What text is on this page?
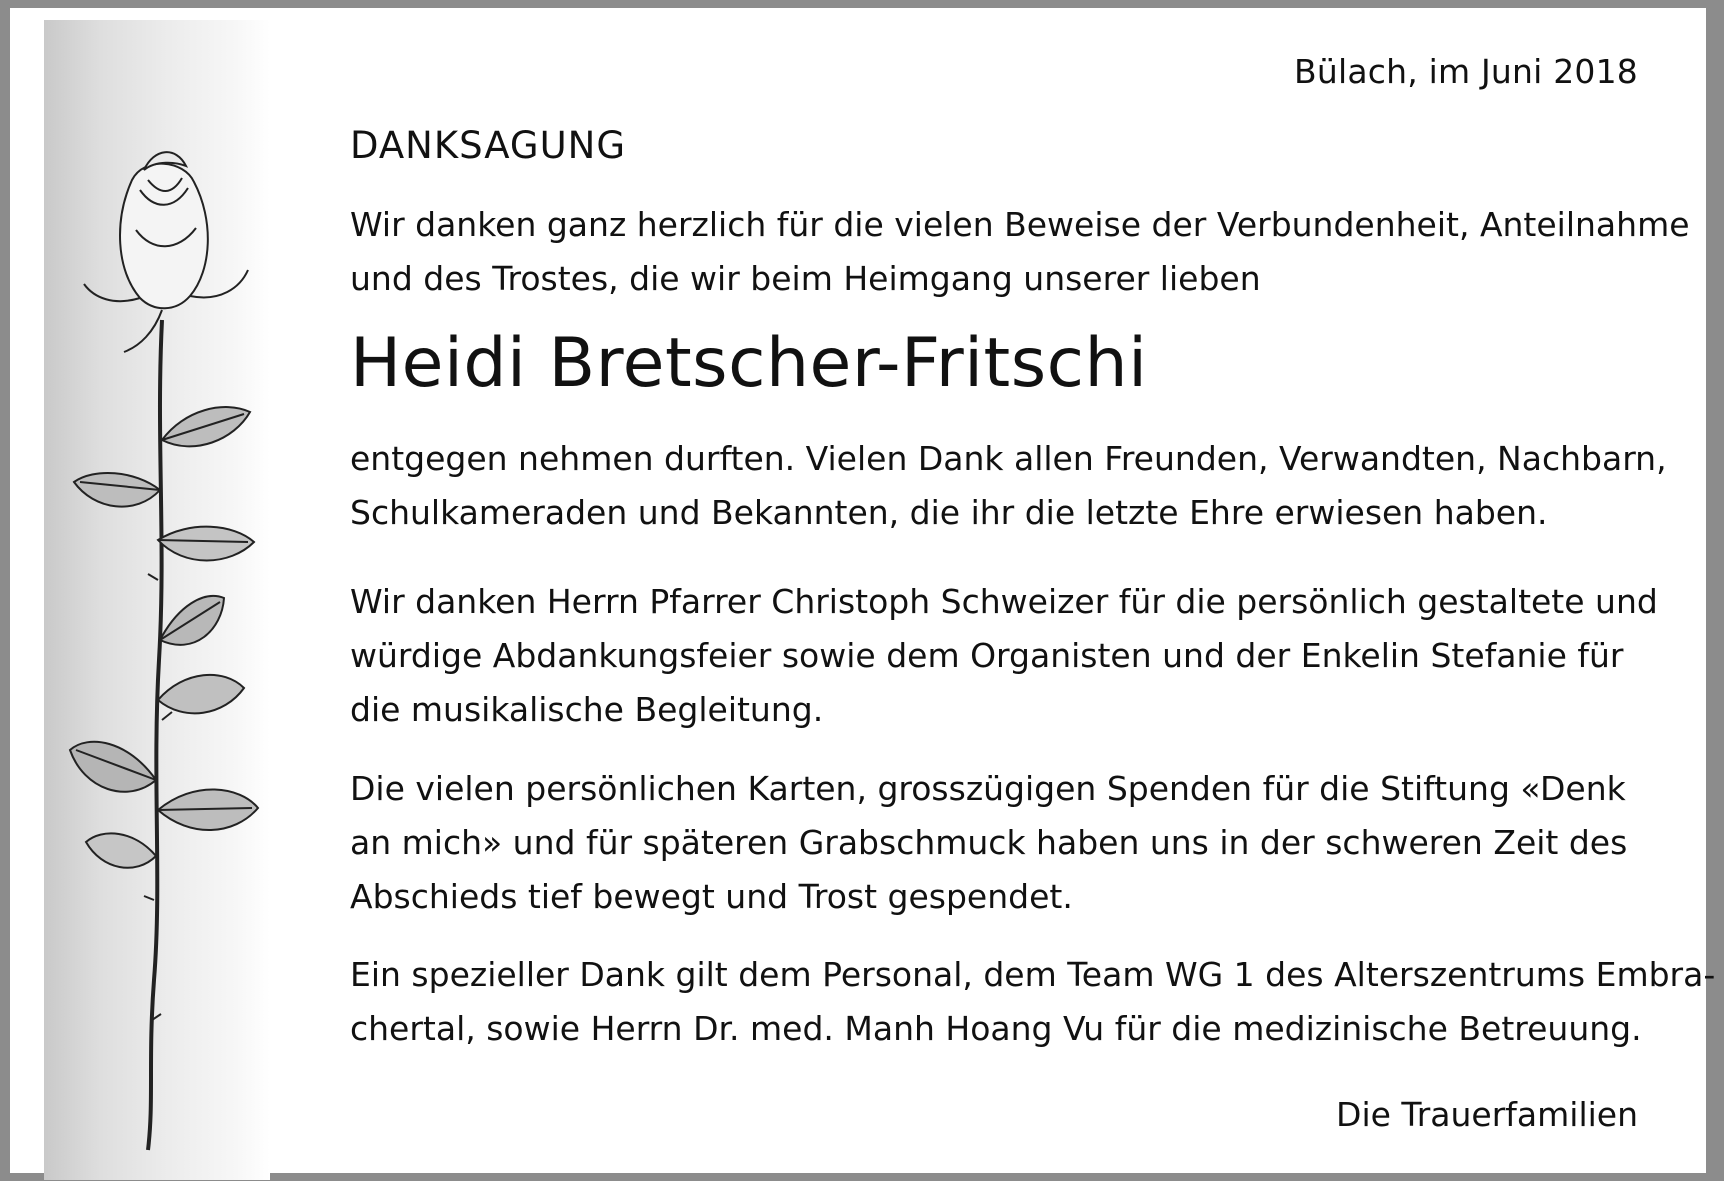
Bülach, im Juni 2018
DANKSAGUNG
Wir danken ganz herzlich für die vielen Beweise der Verbundenheit, Anteilnahme
und des Trostes, die wir beim Heimgang unserer lieben
Heidi Bretscher-Fritschi
entgegen nehmen durften. Vielen Dank allen Freunden, Verwandten, Nachbarn,
Schulkameraden und Bekannten, die ihr die letzte Ehre erwiesen haben.
Wir danken Herrn Pfarrer Christoph Schweizer für die persönlich gestaltete und
würdige Abdankungsfeier sowie dem Organisten und der Enkelin Stefanie für
die musikalische Begleitung.
Die vielen persönlichen Karten, grosszügigen Spenden für die Stiftung «Denk
an mich» und für späteren Grabschmuck haben uns in der schweren Zeit des
Abschieds tief bewegt und Trost gespendet.
Ein spezieller Dank gilt dem Personal, dem Team WG 1 des Alterszentrums Embra-
chertal, sowie Herrn Dr. med. Manh Hoang Vu für die medizinische Betreuung.
Die Trauerfamilien
